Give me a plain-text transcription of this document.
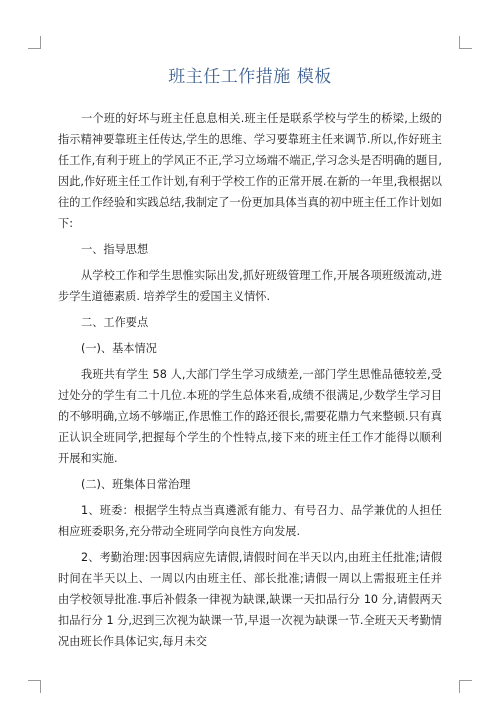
班主任工作措施 模板

一个班的好坏与班主任息息相关.班主任是联系学校与学生的桥梁,上级的指示精神要靠班主任传达,学生的思维、学习要靠班主任来调节.所以,作好班主任工作,有利于班上的学风正不正,学习立场端不端正,学习念头是否明确的题目,因此,作好班主任工作计划,有利于学校工作的正常开展.在新的一年里,我根据以往的工作经验和实践总结,我制定了一份更加具体当真的初中班主任工作计划如下:

一、指导思想

从学校工作和学生思惟实际出发,抓好班级管理工作,开展各项班级流动,进步学生道德素质. 培养学生的爱国主义情怀.

二、工作要点

(一)、基本情况

我班共有学生 58 人,大部门学生学习成绩差,一部门学生思惟品德较差,受过处分的学生有二十几位.本班的学生总体来看,成绩不很满足,少数学生学习目的不够明确,立场不够端正,作思惟工作的路还很长,需要花鼎力气来整顿.只有真正认识全班同学,把握每个学生的个性特点,接下来的班主任工作才能得以顺利开展和实施.

(二)、班集体日常治理

1、班委：根据学生特点当真遴派有能力、有号召力、品学兼优的人担任相应班委职务,充分带动全班同学向良性方向发展.

2、考勤治理:因事因病应先请假,请假时间在半天以内,由班主任批准;请假时间在半天以上、一周以内由班主任、部长批准;请假一周以上需报班主任并由学校领导批准.事后补假条一律视为缺课,缺课一天扣品行分 10 分,请假两天扣品行分 1 分,迟到三次视为缺课一节,早退一次视为缺课一节.全班天天考勤情况由班长作具体记实,每月未交
